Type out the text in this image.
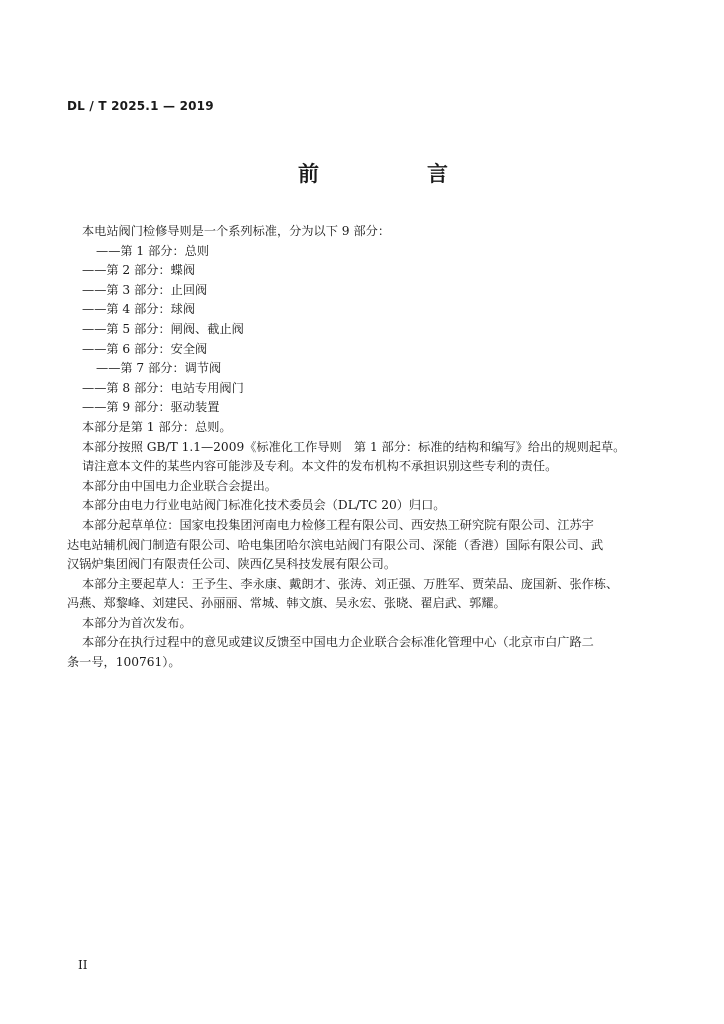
DL / T 2025.1 — 2019
前　　言

本电站阀门检修导则是一个系列标准，分为以下 9 部分：

——第 1 部分：总则

——第 2 部分：蝶阀

——第 3 部分：止回阀

——第 4 部分：球阀

——第 5 部分：闸阀、截止阀

——第 6 部分：安全阀

——第 7 部分：调节阀

——第 8 部分：电站专用阀门

——第 9 部分：驱动装置

本部分是第 1 部分：总则。

本部分按照 GB/T 1.1—2009《标准化工作导则　第 1 部分：标准的结构和编写》给出的规则起草。

请注意本文件的某些内容可能涉及专利。本文件的发布机构不承担识别这些专利的责任。

本部分由中国电力企业联合会提出。

本部分由电力行业电站阀门标准化技术委员会（DL/TC 20）归口。

本部分起草单位：国家电投集团河南电力检修工程有限公司、西安热工研究院有限公司、江苏宇

达电站辅机阀门制造有限公司、哈电集团哈尔滨电站阀门有限公司、深能（香港）国际有限公司、武

汉锅炉集团阀门有限责任公司、陕西亿昊科技发展有限公司。

本部分主要起草人：王予生、李永康、戴朗才、张涛、刘正强、万胜军、贾荣品、庞国新、张作栋、

冯燕、郑黎峰、刘建民、孙丽丽、常城、韩文旗、吴永宏、张晓、翟启武、郭耀。

本部分为首次发布。

本部分在执行过程中的意见或建议反馈至中国电力企业联合会标准化管理中心（北京市白广路二

条一号，100761）。

II
